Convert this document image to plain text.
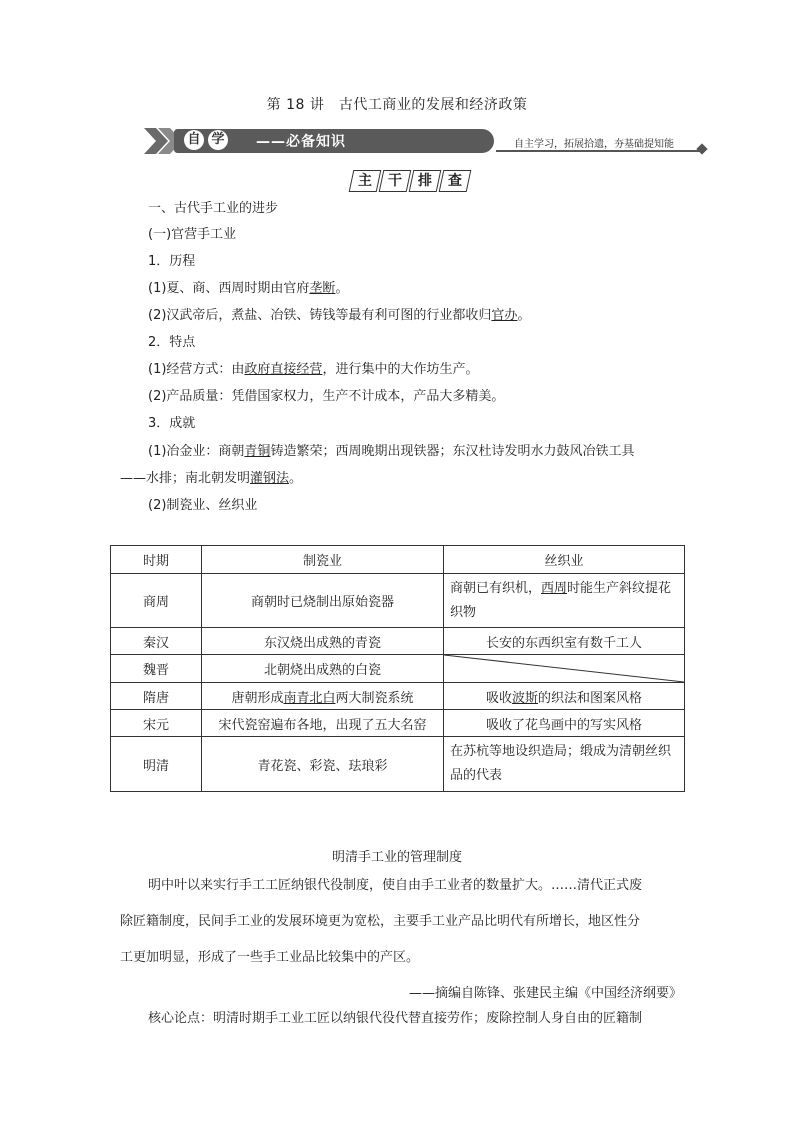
第 18 讲　古代工商业的发展和经济政策
自 学 ——必备知识	自主学习，拓展拾遗，夯基础提知能
主	干	排	查
一、古代手工业的进步
(一)官营手工业
1．历程
(1)夏、商、西周时期由官府垄断。
(2)汉武帝后，煮盐、冶铁、铸钱等最有利可图的行业都收归官办。
2．特点
(1)经营方式：由政府直接经营，进行集中的大作坊生产。
(2)产品质量：凭借国家权力，生产不计成本，产品大多精美。
3．成就
(1)冶金业：商朝青铜铸造繁荣；西周晚期出现铁器；东汉杜诗发明水力鼓风冶铁工具
——水排；南北朝发明灌钢法。
(2)制瓷业、丝织业
时期	制瓷业	丝织业
商周	商朝时已烧制出原始瓷器	商朝已有织机，西周时能生产斜纹提花织物
秦汉	东汉烧出成熟的青瓷	长安的东西织室有数千工人
魏晋	北朝烧出成熟的白瓷	

隋唐	唐朝形成南青北白两大制瓷系统	吸收波斯的织法和图案风格
宋元	宋代瓷窑遍布各地，出现了五大名窑	吸收了花鸟画中的写实风格
明清	青花瓷、彩瓷、珐琅彩	在苏杭等地设织造局；缎成为清朝丝织品的代表
明清手工业的管理制度
明中叶以来实行手工工匠纳银代役制度，使自由手工业者的数量扩大。……清代正式废
除匠籍制度，民间手工业的发展环境更为宽松，主要手工业产品比明代有所增长，地区性分
工更加明显，形成了一些手工业品比较集中的产区。
——摘编自陈锋、张建民主编《中国经济纲要》
核心论点：明清时期手工业工匠以纳银代役代替直接劳作；废除控制人身自由的匠籍制
